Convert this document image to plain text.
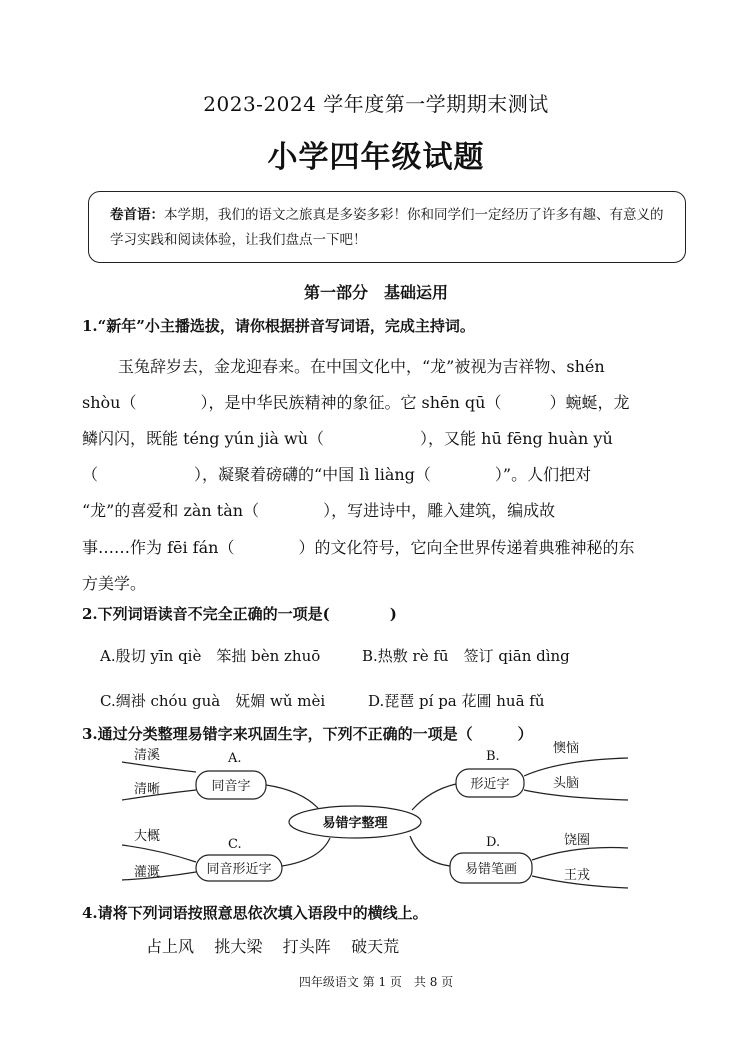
2023-2024 学年度第一学期期末测试
小学四年级试题
卷首语：本学期，我们的语文之旅真是多姿多彩！你和同学们一定经历了许多有趣、有意义的学习实践和阅读体验，让我们盘点一下吧！
第一部分　基础运用
1.“新年”小主播选拔，请你根据拼音写词语，完成主持词。
玉兔辞岁去，金龙迎春来。在中国文化中，“龙”被视为吉祥物、shén
shòu（　　　　），是中华民族精神的象征。它 shēn qū（　　　）蜿蜒，龙
鳞闪闪，既能 téng yún jià wù（　　　　　　），又能 hū fēng huàn yǔ
（　　　　　　），凝聚着磅礴的“中国 lì liàng（　　　　）”。人们把对
“龙”的喜爱和 zàn tàn（　　　　），写进诗中，雕入建筑，编成故
事……作为 fēi fán（　　　　）的文化符号，它向全世界传递着典雅神秘的东
方美学。
2.下列词语读音不完全正确的一项是(　　　　)
A.殷切 yīn qiè　笨拙 bèn zhuō	B.热敷 rè fū　签订 qiān dìng
C.绸褂 chóu guà　妩媚 wǔ mèi	D.琵琶 pí pa 花圃 huā fǔ
3.通过分类整理易错字来巩固生字，下列不正确的一项是（　　　）
易错字整理
A.
同音字
清溪
清晰
B.
形近字
懊恼
头脑
C.
同音形近字
大概
灌溉
D.
易错笔画
饶圈
王戎
4.请将下列词语按照意思依次填入语段中的横线上。
占上风 挑大梁 打头阵 破天荒
四年级语文 第 1 页　共 8 页
